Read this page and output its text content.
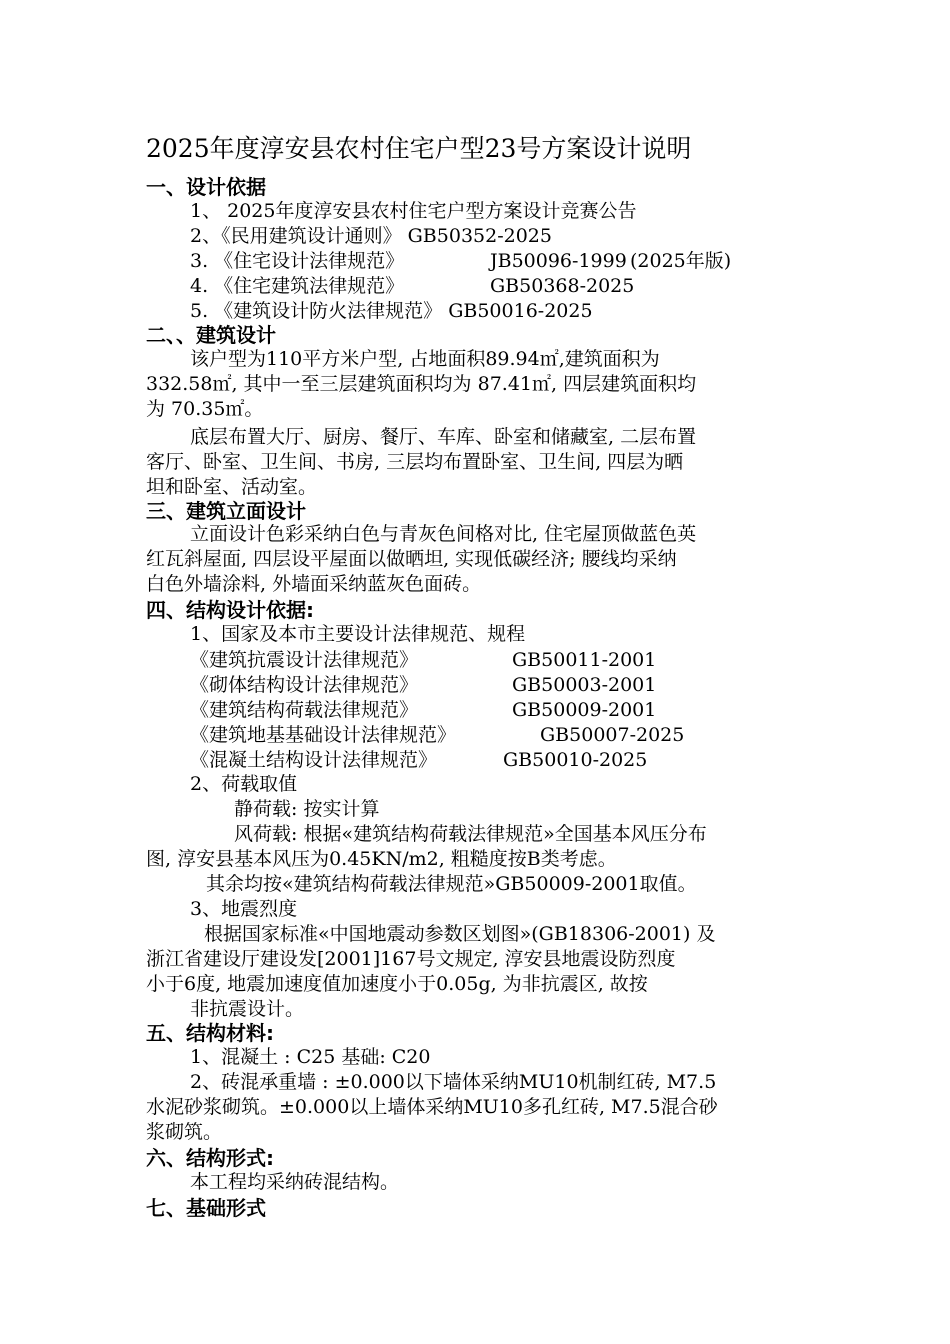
2025年度淳安县农村住宅户型23号方案设计说明
一、设计依据
1、 2025年度淳安县农村住宅户型方案设计竞赛公告
2、《民用建筑设计通则》 GB50352-2025
3. 《住宅设计法律规范》	JB50096-1999 (2025年版)
4. 《住宅建筑法律规范》	GB50368-2025
5. 《建筑设计防火法律规范》 GB50016-2025
二、、建筑设计
该户型为110平方米户型, 占地面积89.94㎡,建筑面积为
332.58㎡, 其中一至三层建筑面积均为 87.41㎡, 四层建筑面积均
为 70.35㎡。
底层布置大厅、厨房、餐厅、车库、卧室和储藏室, 二层布置
客厅、卧室、卫生间、书房, 三层均布置卧室、卫生间, 四层为晒
坦和卧室、活动室。
三、建筑立面设计
立面设计色彩采纳白色与青灰色间格对比, 住宅屋顶做蓝色英
红瓦斜屋面, 四层设平屋面以做晒坦, 实现低碳经济; 腰线均采纳
白色外墙涂料, 外墙面采纳蓝灰色面砖。
四、结构设计依据:
1、国家及本市主要设计法律规范、规程
《建筑抗震设计法律规范》	GB50011-2001
《砌体结构设计法律规范》	GB50003-2001
《建筑结构荷载法律规范》	GB50009-2001
《建筑地基基础设计法律规范》	GB50007-2025
《混凝土结构设计法律规范》	GB50010-2025
2、荷载取值
静荷载: 按实计算
风荷载: 根据«建筑结构荷载法律规范»全国基本风压分布
图, 淳安县基本风压为0.45KN/m2, 粗糙度按B类考虑。
其余均按«建筑结构荷载法律规范»GB50009-2001取值。
3、地震烈度
根据国家标准«中国地震动参数区划图»(GB18306-2001) 及
浙江省建设厅建设发[2001]167号文规定, 淳安县地震设防烈度
小于6度, 地震加速度值加速度小于0.05g, 为非抗震区, 故按
非抗震设计。
五、结构材料:
1、混凝土 : C25 基础: C20
2、砖混承重墙 : ±0.000以下墙体采纳MU10机制红砖, M7.5
水泥砂浆砌筑。±0.000以上墙体采纳MU10多孔红砖, M7.5混合砂
浆砌筑。
六、结构形式:
本工程均采纳砖混结构。
七、基础形式
